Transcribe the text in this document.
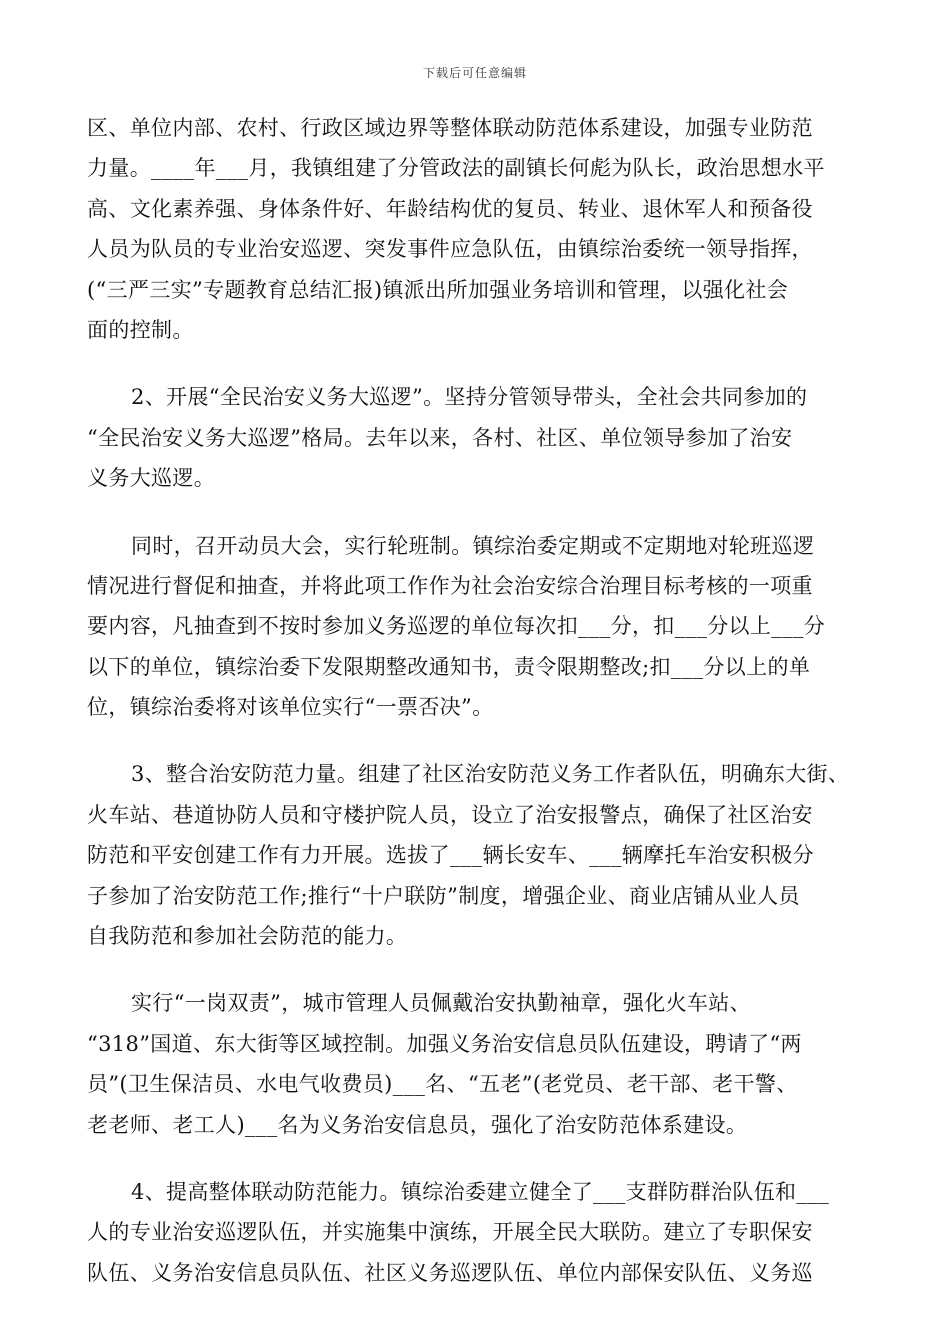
下载后可任意编辑
区、单位内部、农村、行政区域边界等整体联动防范体系建设，加强专业防范
力量。____年___月，我镇组建了分管政法的副镇长何彪为队长，政治思想水平
高、文化素养强、身体条件好、年龄结构优的复员、转业、退休军人和预备役
人员为队员的专业治安巡逻、突发事件应急队伍，由镇综治委统一领导指挥，
(“三严三实”专题教育总结汇报)镇派出所加强业务培训和管理，以强化社会
面的控制。
2、开展“全民治安义务大巡逻”。坚持分管领导带头，全社会共同参加的
“全民治安义务大巡逻”格局。去年以来，各村、社区、单位领导参加了治安
义务大巡逻。
同时，召开动员大会，实行轮班制。镇综治委定期或不定期地对轮班巡逻
情况进行督促和抽查，并将此项工作作为社会治安综合治理目标考核的一项重
要内容，凡抽查到不按时参加义务巡逻的单位每次扣___分，扣___分以上___分
以下的单位，镇综治委下发限期整改通知书，责令限期整改;扣___分以上的单
位，镇综治委将对该单位实行“一票否决”。
3、整合治安防范力量。组建了社区治安防范义务工作者队伍，明确东大街、
火车站、巷道协防人员和守楼护院人员，设立了治安报警点，确保了社区治安
防范和平安创建工作有力开展。选拔了___辆长安车、___辆摩托车治安积极分
子参加了治安防范工作;推行“十户联防”制度，增强企业、商业店铺从业人员
自我防范和参加社会防范的能力。
实行“一岗双责”，城市管理人员佩戴治安执勤袖章，强化火车站、
“318”国道、东大街等区域控制。加强义务治安信息员队伍建设，聘请了“两
员”(卫生保洁员、水电气收费员)___名、“五老”(老党员、老干部、老干警、
老老师、老工人)___名为义务治安信息员，强化了治安防范体系建设。
4、提高整体联动防范能力。镇综治委建立健全了___支群防群治队伍和___
人的专业治安巡逻队伍，并实施集中演练，开展全民大联防。建立了专职保安
队伍、义务治安信息员队伍、社区义务巡逻队伍、单位内部保安队伍、义务巡
